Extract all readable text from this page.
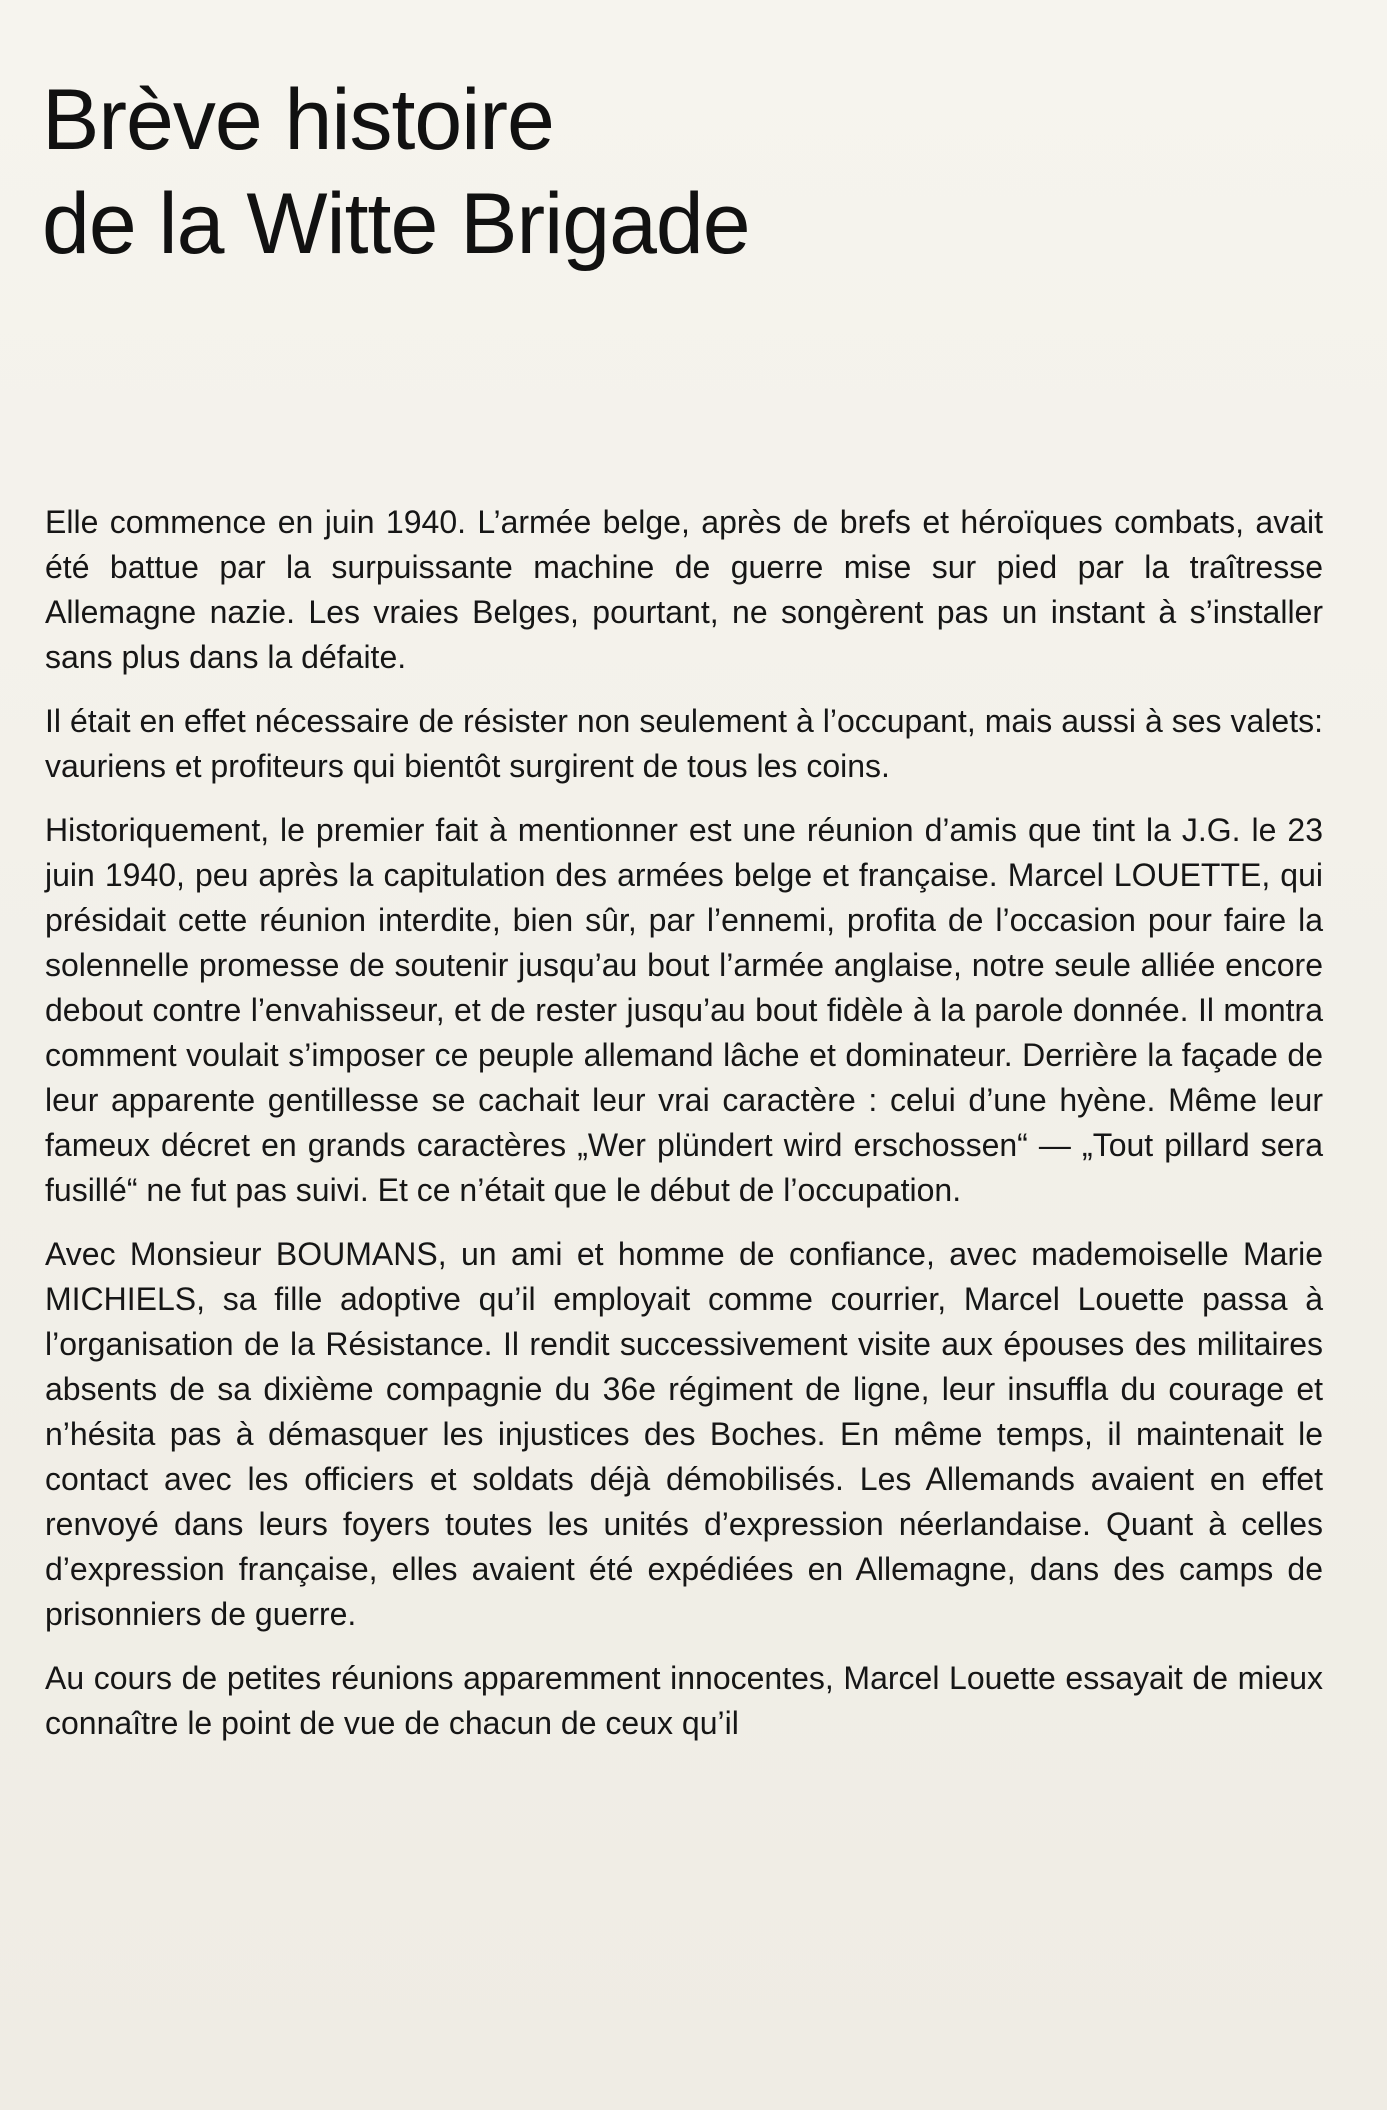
Brève histoire
de la Witte Brigade

Elle commence en juin 1940. L’armée belge, après de brefs et héroïques combats, avait été battue par la surpuissante machine de guerre mise sur pied par la traîtresse Allemagne nazie. Les vraies Belges, pourtant, ne songèrent pas un instant à s’installer sans plus dans la défaite.

Il était en effet nécessaire de résister non seulement à l’occupant, mais aussi à ses valets: vauriens et profiteurs qui bientôt surgirent de tous les coins.

Historiquement, le premier fait à mentionner est une réunion d’amis que tint la J.G. le 23 juin 1940, peu après la capitulation des armées belge et française. Marcel LOUETTE, qui présidait cette réunion interdite, bien sûr, par l’ennemi, profita de l’occasion pour faire la solennelle promesse de soutenir jusqu’au bout l’armée anglaise, notre seule alliée encore debout contre l’envahisseur, et de rester jusqu’au bout fidèle à la parole donnée. Il montra comment voulait s’imposer ce peuple allemand lâche et dominateur. Derrière la façade de leur apparente gentillesse se cachait leur vrai caractère : celui d’une hyène. Même leur fameux décret en grands caractères „Wer plündert wird erschossen“ — „Tout pillard sera fusillé“ ne fut pas suivi. Et ce n’était que le début de l’occupation.

Avec Monsieur BOUMANS, un ami et homme de confiance, avec mademoiselle Marie MICHIELS, sa fille adoptive qu’il employait comme courrier, Marcel Louette passa à l’organisation de la Résistance. Il rendit successivement visite aux épouses des militaires absents de sa dixième compagnie du 36e régiment de ligne, leur insuffla du courage et n’hésita pas à démasquer les injustices des Boches. En même temps, il maintenait le contact avec les officiers et soldats déjà démobilisés. Les Allemands avaient en effet renvoyé dans leurs foyers toutes les unités d’expression néerlandaise. Quant à celles d’expression française, elles avaient été expédiées en Allemagne, dans des camps de prisonniers de guerre.

Au cours de petites réunions apparemment innocentes, Marcel Louette essayait de mieux connaître le point de vue de chacun de ceux qu’il
